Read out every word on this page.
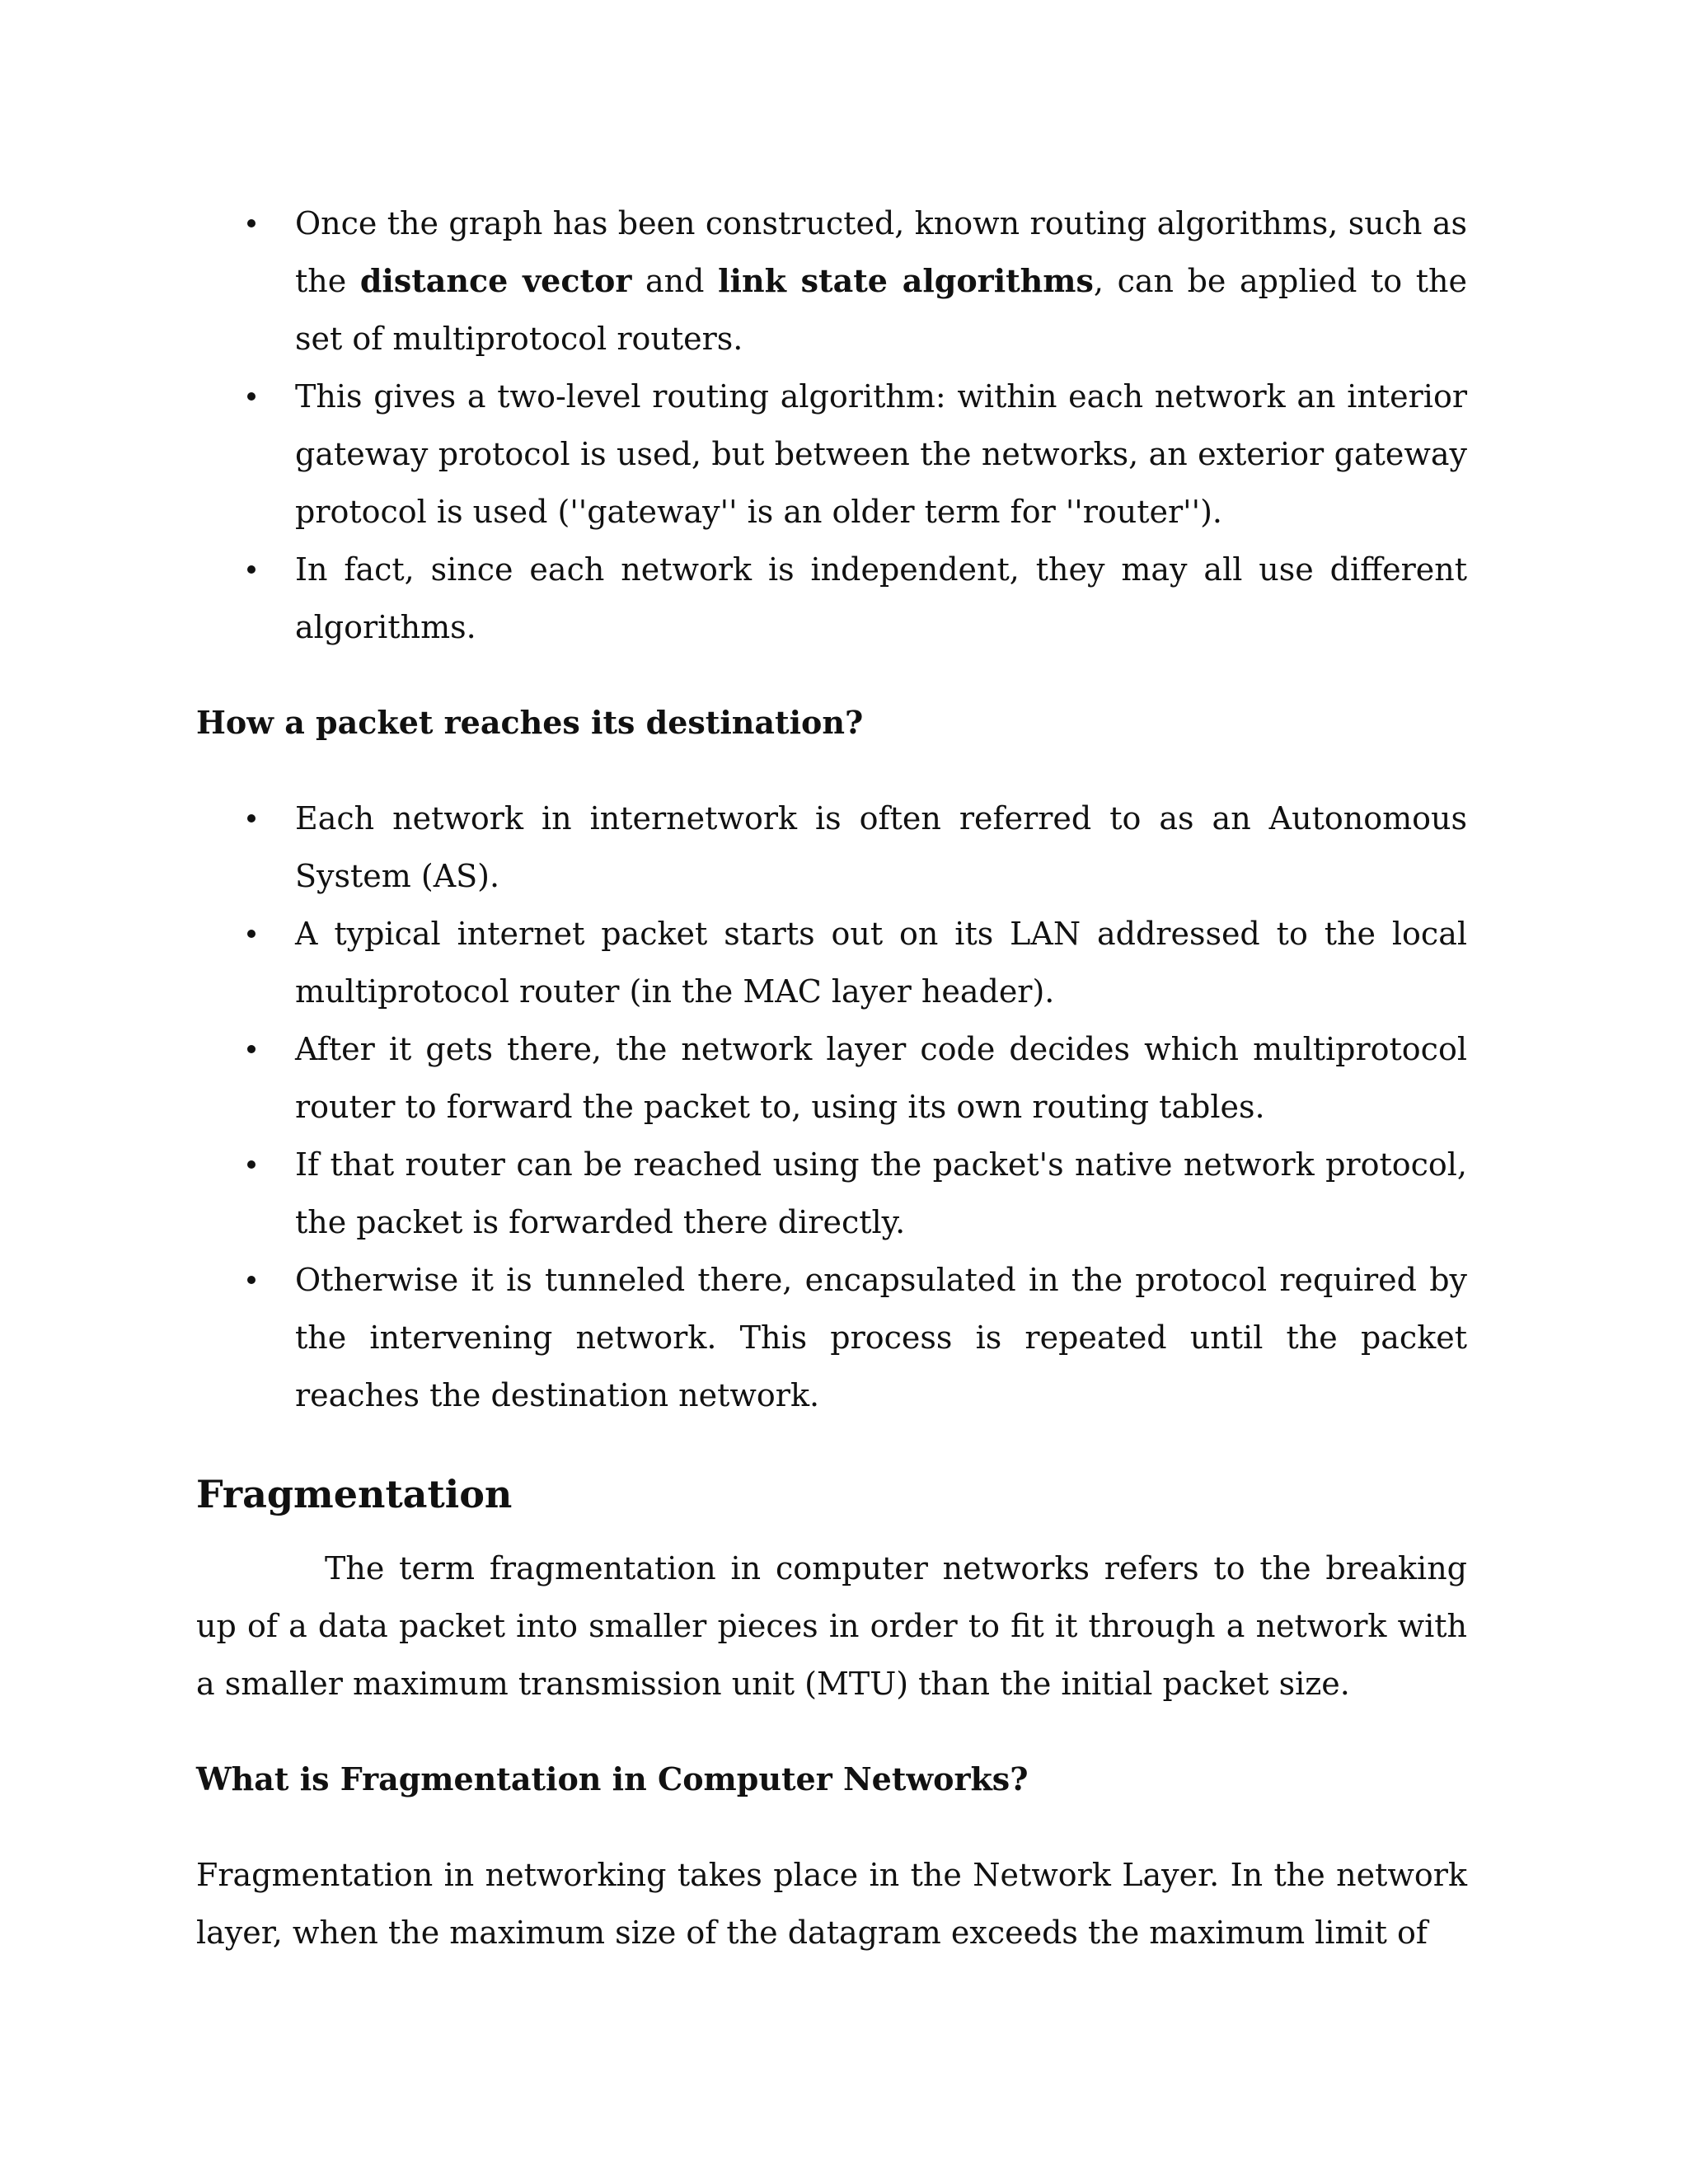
Once the graph has been constructed, known routing algorithms, such as the distance vector and link state algorithms, can be applied to the set of multiprotocol routers.
This gives a two-level routing algorithm: within each network an interior gateway protocol is used, but between the networks, an exterior gateway protocol is used (''gateway'' is an older term for ''router'').
In fact, since each network is independent, they may all use different algorithms.
How a packet reaches its destination?
Each network in internetwork is often referred to as an Autonomous System (AS).
A typical internet packet starts out on its LAN addressed to the local multiprotocol router (in the MAC layer header).
After it gets there, the network layer code decides which multiprotocol router to forward the packet to, using its own routing tables.
If that router can be reached using the packet's native network protocol, the packet is forwarded there directly.
Otherwise it is tunneled there, encapsulated in the protocol required by the intervening network. This process is repeated until the packet reaches the destination network.
Fragmentation

The term fragmentation in computer networks refers to the breaking up of a data packet into smaller pieces in order to fit it through a network with a smaller maximum transmission unit (MTU) than the initial packet size.

What is Fragmentation in Computer Networks?

Fragmentation in networking takes place in the Network Layer. In the network layer, when the maximum size of the datagram exceeds the maximum limit of
